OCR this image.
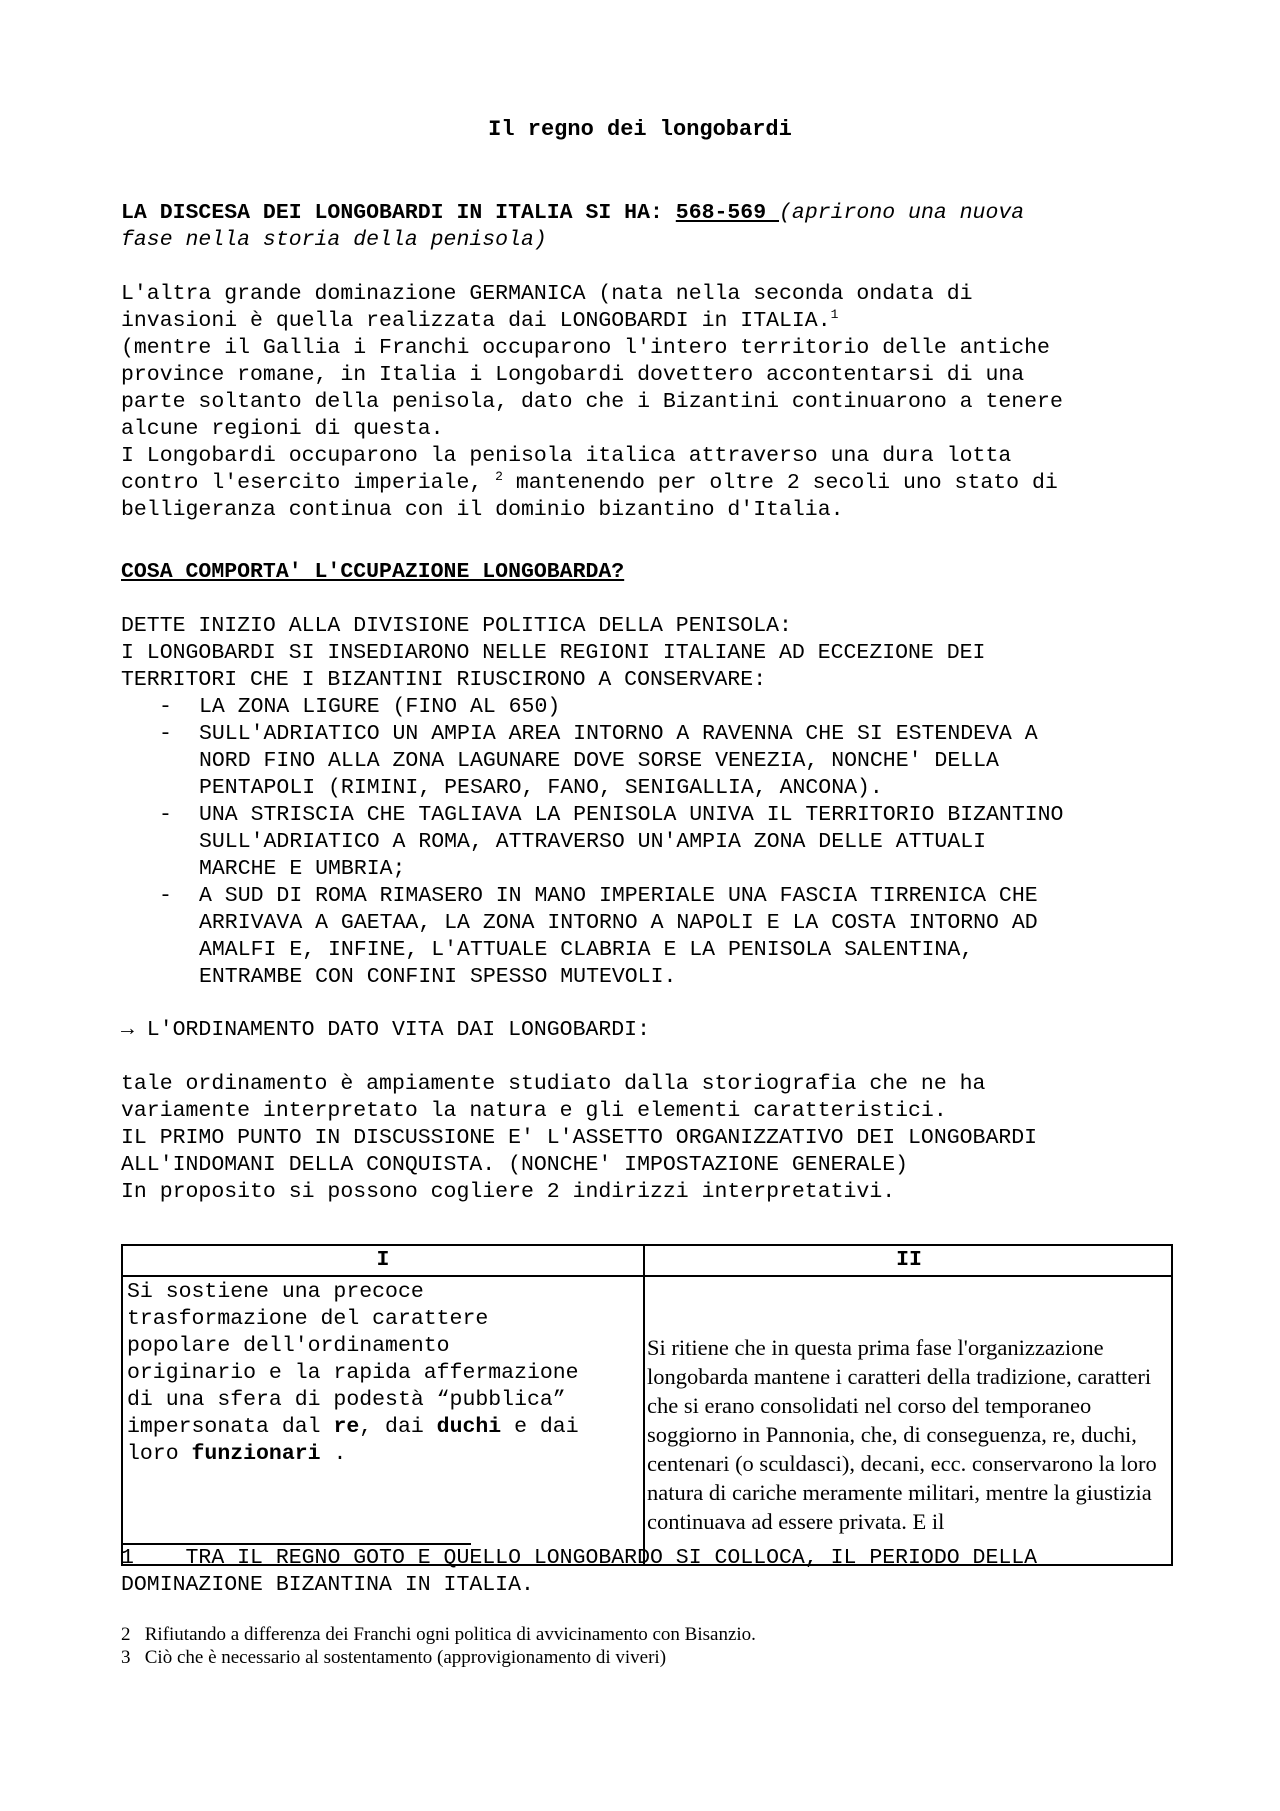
Il regno dei longobardi
LA DISCESA DEI LONGOBARDI IN ITALIA SI HA: 568-569 (aprirono una nuova
fase nella storia della penisola)
L'altra grande dominazione GERMANICA (nata nella seconda ondata di
invasioni è quella realizzata dai LONGOBARDI in ITALIA.$^1$
(mentre il Gallia i Franchi occuparono l'intero territorio delle antiche
province romane, in Italia i Longobardi dovettero accontentarsi di una
parte soltanto della penisola, dato che i Bizantini continuarono a tenere
alcune regioni di questa.
I Longobardi occuparono la penisola italica attraverso una dura lotta
contro l'esercito imperiale, $^2$ mantenendo per oltre 2 secoli uno stato di
belligeranza continua con il dominio bizantino d'Italia.
COSA COMPORTA' L'CCUPAZIONE LONGOBARDA?
DETTE INIZIO ALLA DIVISIONE POLITICA DELLA PENISOLA:
I LONGOBARDI SI INSEDIARONO NELLE REGIONI ITALIANE AD ECCEZIONE DEI
TERRITORI CHE I BIZANTINI RIUSCIRONO A CONSERVARE:
- LA ZONA LIGURE (FINO AL 650)
- SULL'ADRIATICO UN AMPIA AREA INTORNO A RAVENNA CHE SI ESTENDEVA A
NORD FINO ALLA ZONA LAGUNARE DOVE SORSE VENEZIA, NONCHE' DELLA
PENTAPOLI (RIMINI, PESARO, FANO, SENIGALLIA, ANCONA).
- UNA STRISCIA CHE TAGLIAVA LA PENISOLA UNIVA IL TERRITORIO BIZANTINO
SULL'ADRIATICO A ROMA, ATTRAVERSO UN'AMPIA ZONA DELLE ATTUALI
MARCHE E UMBRIA;
- A SUD DI ROMA RIMASERO IN MANO IMPERIALE UNA FASCIA TIRRENICA CHE
ARRIVAVA A GAETAA, LA ZONA INTORNO A NAPOLI E LA COSTA INTORNO AD
AMALFI E, INFINE, L'ATTUALE CLABRIA E LA PENISOLA SALENTINA,
ENTRAMBE CON CONFINI SPESSO MUTEVOLI.
→ L'ORDINAMENTO DATO VITA DAI LONGOBARDI:
tale ordinamento è ampiamente studiato dalla storiografia che ne ha
variamente interpretato la natura e gli elementi caratteristici.
IL PRIMO PUNTO IN DISCUSSIONE E' L'ASSETTO ORGANIZZATIVO DEI LONGOBARDI
ALL'INDOMANI DELLA CONQUISTA. (NONCHE' IMPOSTAZIONE GENERALE)
In proposito si possono cogliere 2 indirizzi interpretativi.
I	II
Si sostiene una precoce
trasformazione del carattere
popolare dell'ordinamento
originario e la rapida affermazione
di una sfera di podestà “pubblica”
impersonata dal re, dai duchi e dai
loro funzionari .
Si ritiene che in questa prima fase l'organizzazione longobarda mantene i caratteri della tradizione, caratteri che si erano consolidati nel corso del temporaneo soggiorno in Pannonia, che, di conseguenza, re, duchi, centenari (o sculdasci), decani, ecc. conservarono la loro natura di cariche meramente militari, mentre la giustizia continuava ad essere privata. E il
1 TRA IL REGNO GOTO E QUELLO LONGOBARDO SI COLLOCA, IL PERIODO DELLA
DOMINAZIONE BIZANTINA IN ITALIA.
2 Rifiutando a differenza dei Franchi ogni politica di avvicinamento con Bisanzio.
3 Ciò che è necessario al sostentamento (approvigionamento di viveri)
